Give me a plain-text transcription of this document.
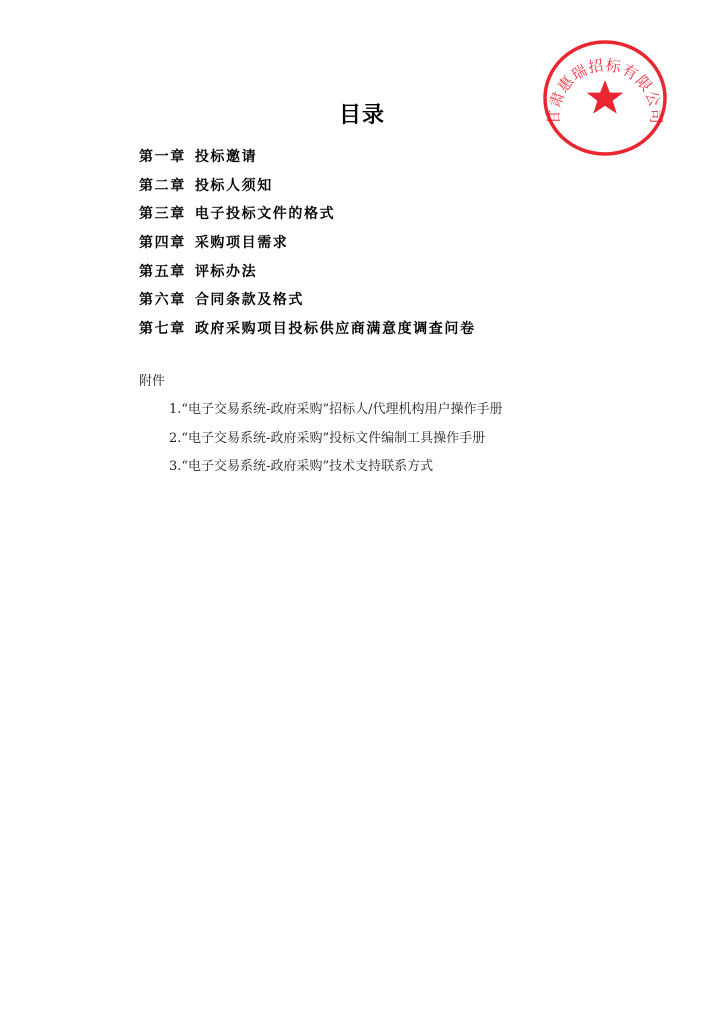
甘肃惠瑞招标有限公司
目录
第一章 投标邀请
第二章 投标人须知
第三章 电子投标文件的格式
第四章 采购项目需求
第五章 评标办法
第六章 合同条款及格式
第七章 政府采购项目投标供应商满意度调查问卷
附件
1.“电子交易系统-政府采购”招标人/代理机构用户操作手册
2.“电子交易系统-政府采购”投标文件编制工具操作手册
3.“电子交易系统-政府采购”技术支持联系方式
